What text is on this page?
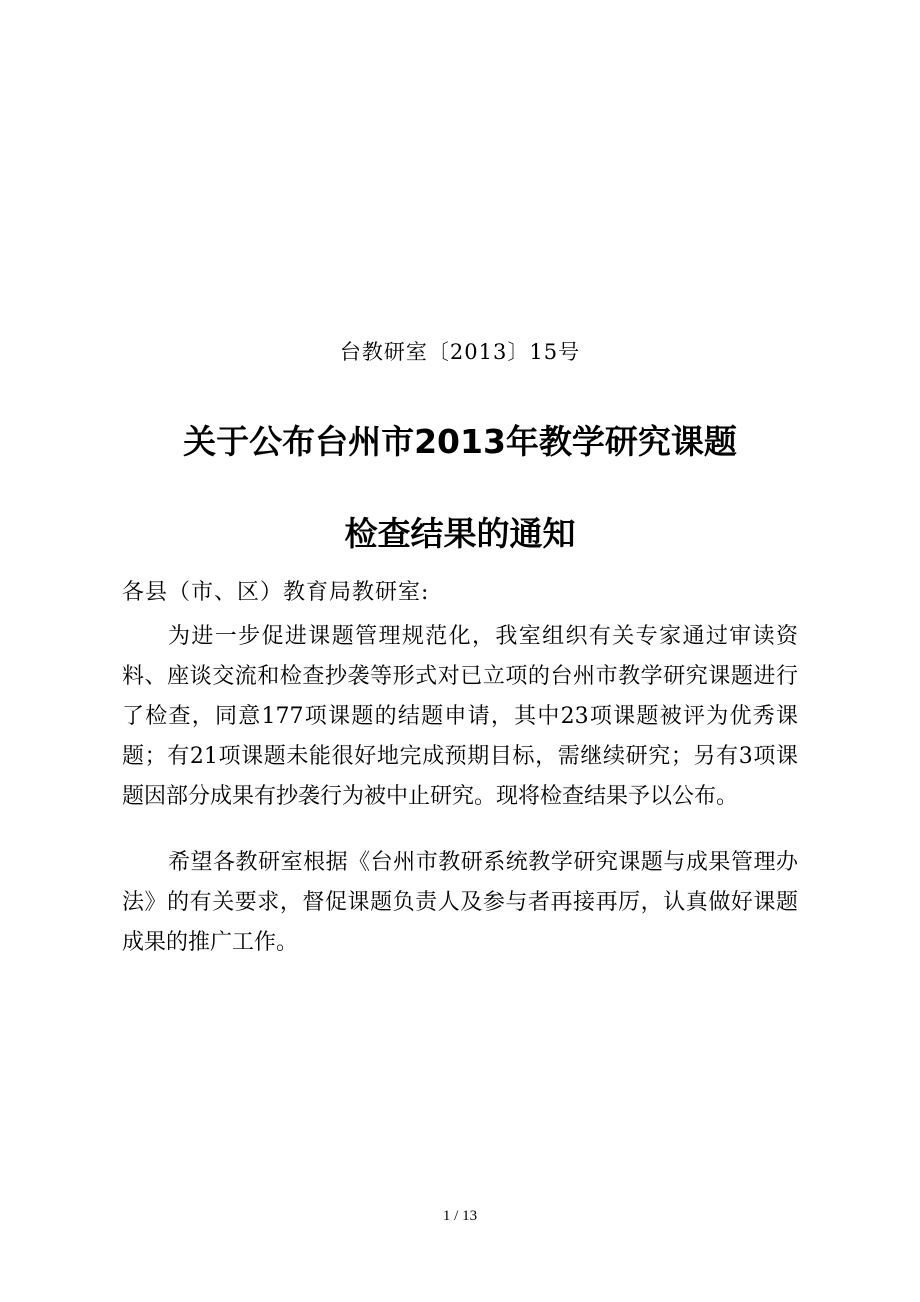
台教研室〔2013〕15号
关于公布台州市2013年教学研究课题
检查结果的通知
各县（市、区）教育局教研室:
为进一步促进课题管理规范化，我室组织有关专家通过审读资料、座谈交流和检查抄袭等形式对已立项的台州市教学研究课题进行了检查，同意177项课题的结题申请，其中23项课题被评为优秀课题；有21项课题未能很好地完成预期目标，需继续研究；另有3项课题因部分成果有抄袭行为被中止研究。现将检查结果予以公布。
希望各教研室根据《台州市教研系统教学研究课题与成果管理办法》的有关要求，督促课题负责人及参与者再接再厉，认真做好课题成果的推广工作。
1 / 13
